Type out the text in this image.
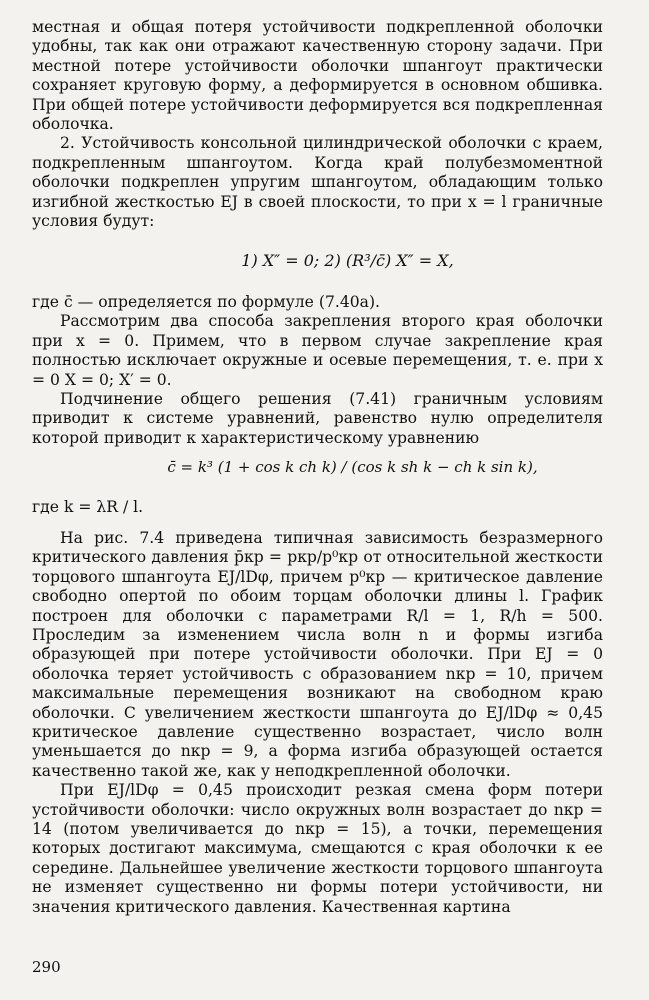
местная и общая потеря устойчивости подкрепленной оболочки удобны, так как они отражают качественную сторону задачи. При местной потере устойчивости оболочки шпангоут практически сохраняет круговую форму, а деформируется в основном обшивка. При общей потере устойчивости деформируется вся подкрепленная оболочка.

2. Устойчивость консольной цилиндрической оболочки с краем, подкрепленным шпангоутом. Когда край полубезмоментной оболочки подкреплен упругим шпангоутом, обладающим только изгибной жесткостью EJ в своей плоскости, то при x = l граничные условия будут:

1) X″ = 0; 2) (R³/c̄) X″ = X,

где c̄ — определяется по формуле (7.40а).

Рассмотрим два способа закрепления второго края оболочки при x = 0. Примем, что в первом случае закрепление края полностью исключает окружные и осевые перемещения, т. е. при x = 0 X = 0; X′ = 0.

Подчинение общего решения (7.41) граничным условиям приводит к системе уравнений, равенство нулю определителя которой приводит к характеристическому уравнению

c̄ = k³ (1 + cos k ch k) / (cos k sh k − ch k sin k),

где k = λR / l.

На рис. 7.4 приведена типичная зависимость безразмерного критического давления p̄кр = pкр/p⁰кр от относительной жесткости торцового шпангоута EJ/lDφ, причем p⁰кр — критическое давление свободно опертой по обоим торцам оболочки длины l. График построен для оболочки с параметрами R/l = 1, R/h = 500. Проследим за изменением числа волн n и формы изгиба образующей при потере устойчивости оболочки. При EJ = 0 оболочка теряет устойчивость с образованием nкр = 10, причем максимальные перемещения возникают на свободном краю оболочки. С увеличением жесткости шпангоута до EJ/lDφ ≈ 0,45 критическое давление существенно возрастает, число волн уменьшается до nкр = 9, а форма изгиба образующей остается качественно такой же, как у неподкрепленной оболочки.

При EJ/lDφ = 0,45 происходит резкая смена форм потери устойчивости оболочки: число окружных волн возрастает до nкр = 14 (потом увеличивается до nкр = 15), а точки, перемещения которых достигают максимума, смещаются с края оболочки к ее середине. Дальнейшее увеличение жесткости торцового шпангоута не изменяет существенно ни формы потери устойчивости, ни значения критического давления. Качественная картина

290
